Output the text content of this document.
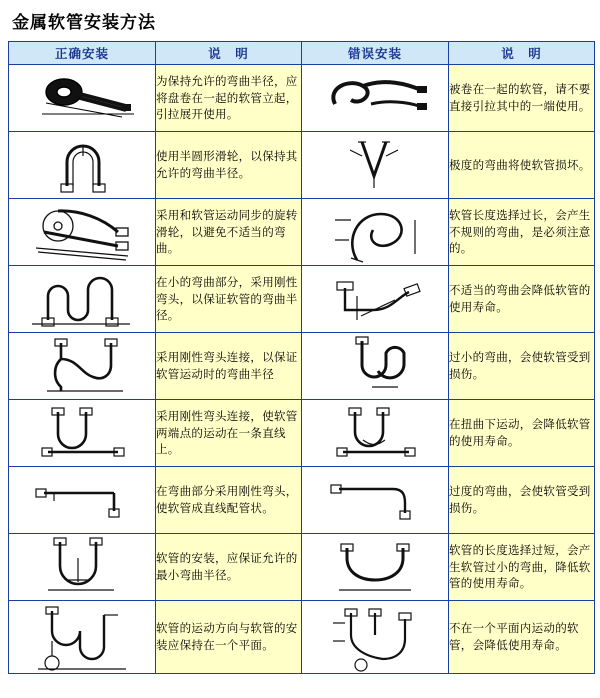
金属软管安装方法
正确安装	说　明	错误安装	说　明

	为保持允许的弯曲半径，应将盘卷在一起的软管立起，引拉展开使用。		被卷在一起的软管，请不要直接引拉其中的一端使用。

	使用半圆形滑轮，以保持其允许的弯曲半径。		极度的弯曲将使软管损坏。

	采用和软管运动同步的旋转滑轮，以避免不适当的弯曲。		软管长度选择过长，会产生不规则的弯曲，是必须注意的。

	在小的弯曲部分，采用刚性弯头，以保证软管的弯曲半径。		不适当的弯曲会降低软管的使用寿命。

	采用刚性弯头连接，以保证软管运动时的弯曲半径		过小的弯曲，会使软管受到损伤。

	采用刚性弯头连接，使软管两端点的运动在一条直线上。		在扭曲下运动，会降低软管的使用寿命。

	在弯曲部分采用刚性弯头，使软管成直线配管状。		过度的弯曲，会使软管受到损伤。

	软管的安装，应保证允许的最小弯曲半径。		软管的长度选择过短，会产生软管过小的弯曲，降低软管的使用寿命。

	软管的运动方向与软管的安装应保持在一个平面。		不在一个平面内运动的软管，会降低使用寿命。
